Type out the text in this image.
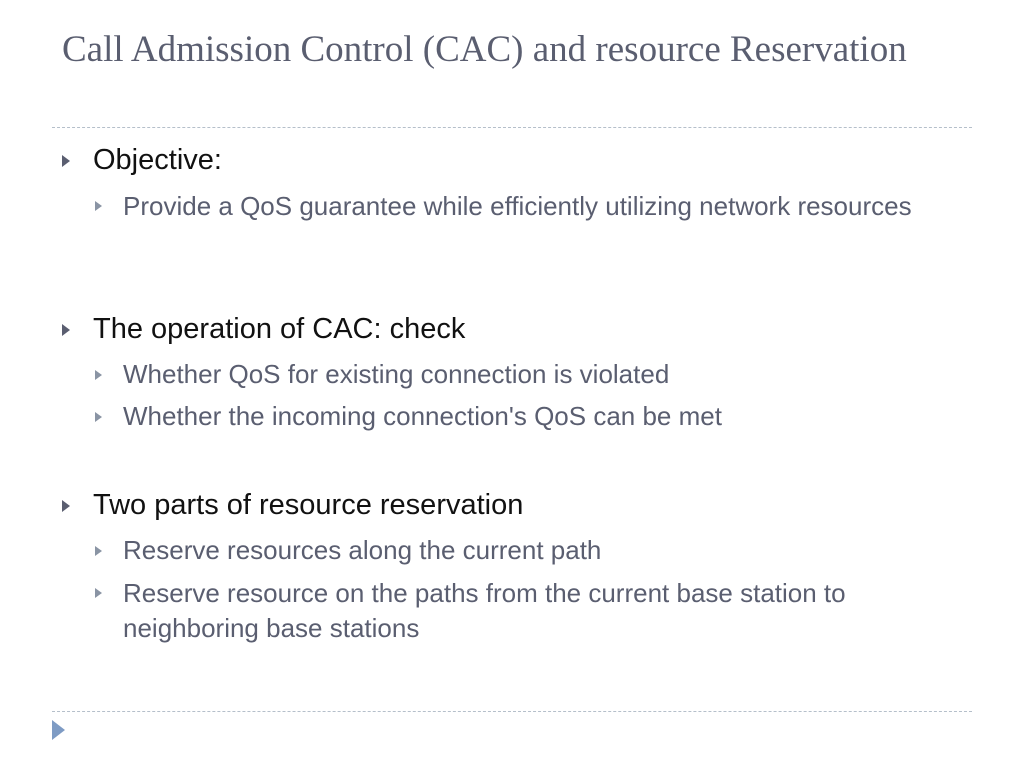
Call Admission Control (CAC) and resource Reservation
Objective:
Provide a QoS guarantee while efficiently utilizing network resources
The operation of CAC: check
Whether QoS for existing connection is violated
Whether the incoming connection's QoS can be met
Two parts of resource reservation
Reserve resources along the current path
Reserve resource on the paths from the current base station to neighboring base stations
